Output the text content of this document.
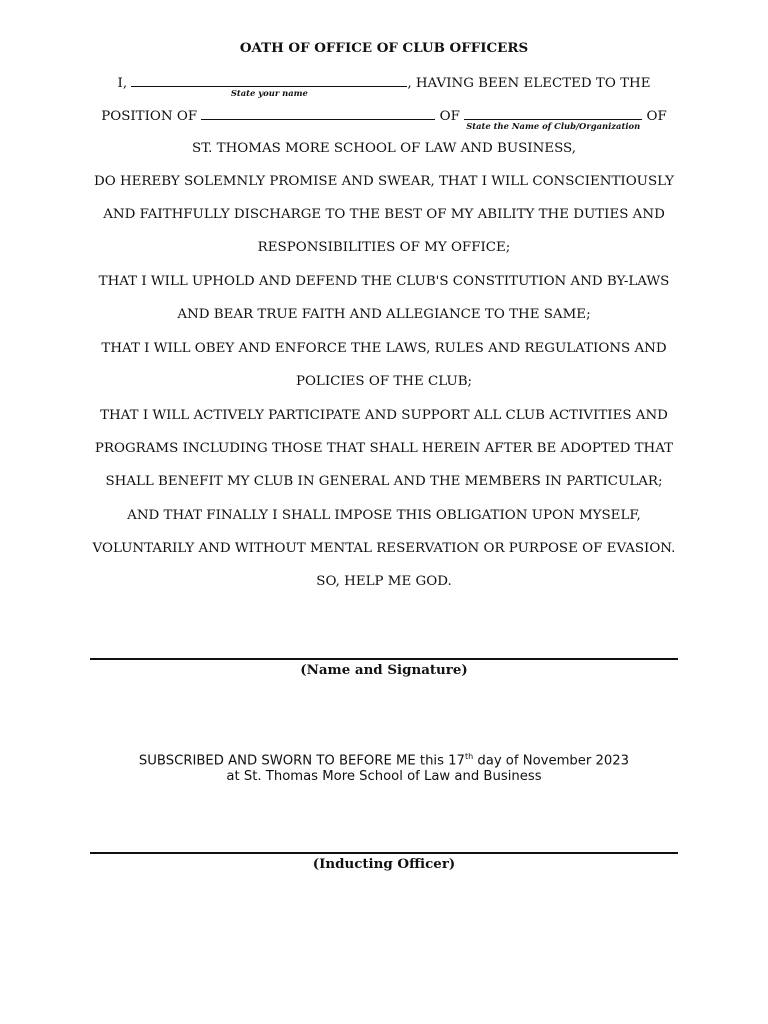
OATH OF OFFICE OF CLUB OFFICERS
I,
State your name
, HAVING BEEN ELECTED TO THE
POSITION OF	OF
State the Name of Club/Organization
OF
ST. THOMAS MORE SCHOOL OF LAW AND BUSINESS,
DO HEREBY SOLEMNLY PROMISE AND SWEAR, THAT I WILL CONSCIENTIOUSLY
AND FAITHFULLY DISCHARGE TO THE BEST OF MY ABILITY THE DUTIES AND
RESPONSIBILITIES OF MY OFFICE;
THAT I WILL UPHOLD AND DEFEND THE CLUB'S CONSTITUTION AND BY-LAWS
AND BEAR TRUE FAITH AND ALLEGIANCE TO THE SAME;
THAT I WILL OBEY AND ENFORCE THE LAWS, RULES AND REGULATIONS AND
POLICIES OF THE CLUB;
THAT I WILL ACTIVELY PARTICIPATE AND SUPPORT ALL CLUB ACTIVITIES AND
PROGRAMS INCLUDING THOSE THAT SHALL HEREIN AFTER BE ADOPTED THAT
SHALL BENEFIT MY CLUB IN GENERAL AND THE MEMBERS IN PARTICULAR;
AND THAT FINALLY I SHALL IMPOSE THIS OBLIGATION UPON MYSELF,
VOLUNTARILY AND WITHOUT MENTAL RESERVATION OR PURPOSE OF EVASION.
SO, HELP ME GOD.
(Name and Signature)
SUBSCRIBED AND SWORN TO BEFORE ME this 17th day of November 2023
at St. Thomas More School of Law and Business
(Inducting Officer)
